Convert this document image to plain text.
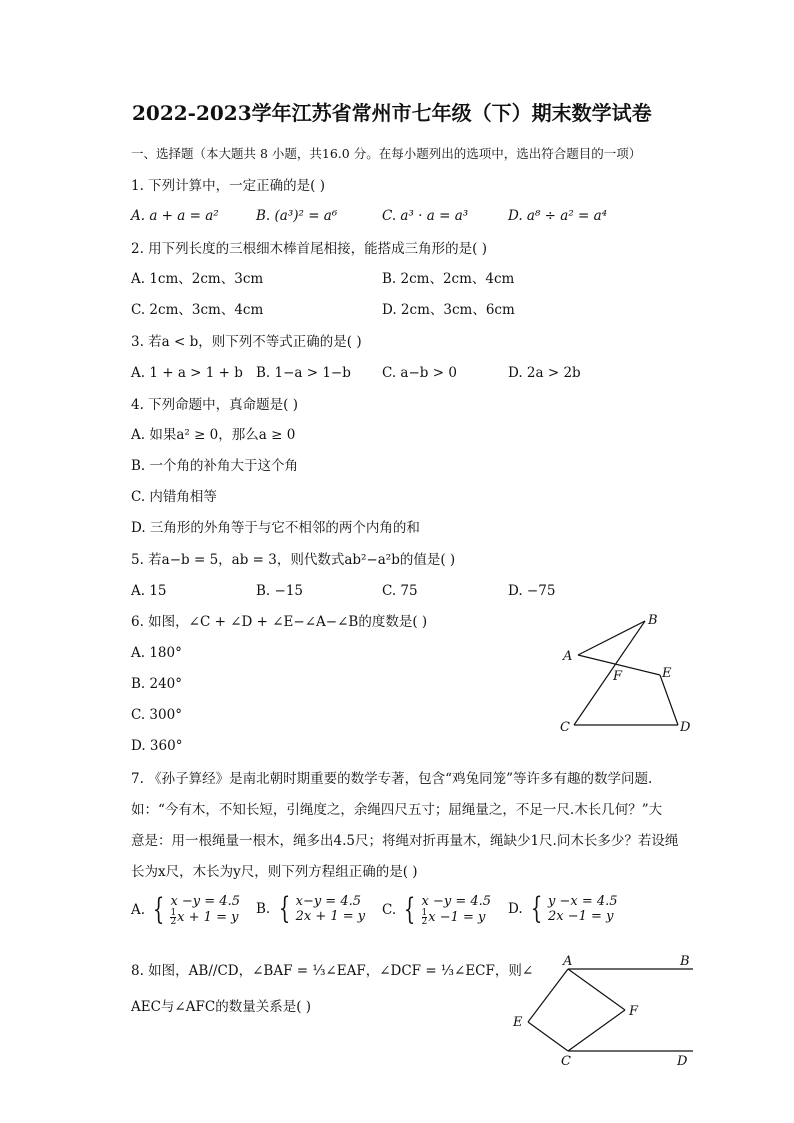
2022-2023学年江苏省常州市七年级（下）期末数学试卷
一、选择题（本大题共 8 小题，共16.0 分。在每小题列出的选项中，选出符合题目的一项）
1. 下列计算中，一定正确的是( )
A. a + a = a²	B. (a³)² = a⁶	C. a³ · a = a³	D. a⁸ ÷ a² = a⁴
2. 用下列长度的三根细木棒首尾相接，能搭成三角形的是( )
A. 1cm、2cm、3cm	B. 2cm、2cm、4cm
C. 2cm、3cm、4cm	D. 2cm、3cm、6cm
3. 若a < b，则下列不等式正确的是( )
A. 1 + a > 1 + b B. 1−a > 1−b C. a−b > 0	D. 2a > 2b
4. 下列命题中，真命题是( )
A. 如果a² ≥ 0，那么a ≥ 0
B. 一个角的补角大于这个角
C. 内错角相等
D. 三角形的外角等于与它不相邻的两个内角的和
5. 若a−b = 5，ab = 3，则代数式ab²−a²b的值是( )
A. 15	B. −15	C. 75	D. −75
6. 如图，∠C + ∠D + ∠E−∠A−∠B的度数是( )
A. 180°
B. 240°
C. 300°
D. 360°
B
A
E
F
C	D
7. 《孙子算经》是南北朝时期重要的数学专著，包含“鸡兔同笼”等许多有趣的数学问题.
如：“今有木，不知长短，引绳度之，余绳四尺五寸；屈绳量之，不足一尺.木长几何？”大
意是：用一根绳量一根木，绳多出4.5尺；将绳对折再量木，绳缺少1尺.问木长多少？若设绳
长为x尺，木长为y尺，则下列方程组正确的是( )
A. { x −y = 4.5
$\frac{1}{2}$ x + 1 = y
B. { x−y = 4.5
2x + 1 = y C. { x −y = 4.5
$\frac{1}{2}$ x −1 = y
D. { y −x = 4.5
2x −1 = y
8. 如图，AB//CD，∠BAF = ⅓∠EAF，∠DCF = ⅓∠ECF，则∠
AEC与∠AFC的数量关系是( )
A	B
E
F
C	D
